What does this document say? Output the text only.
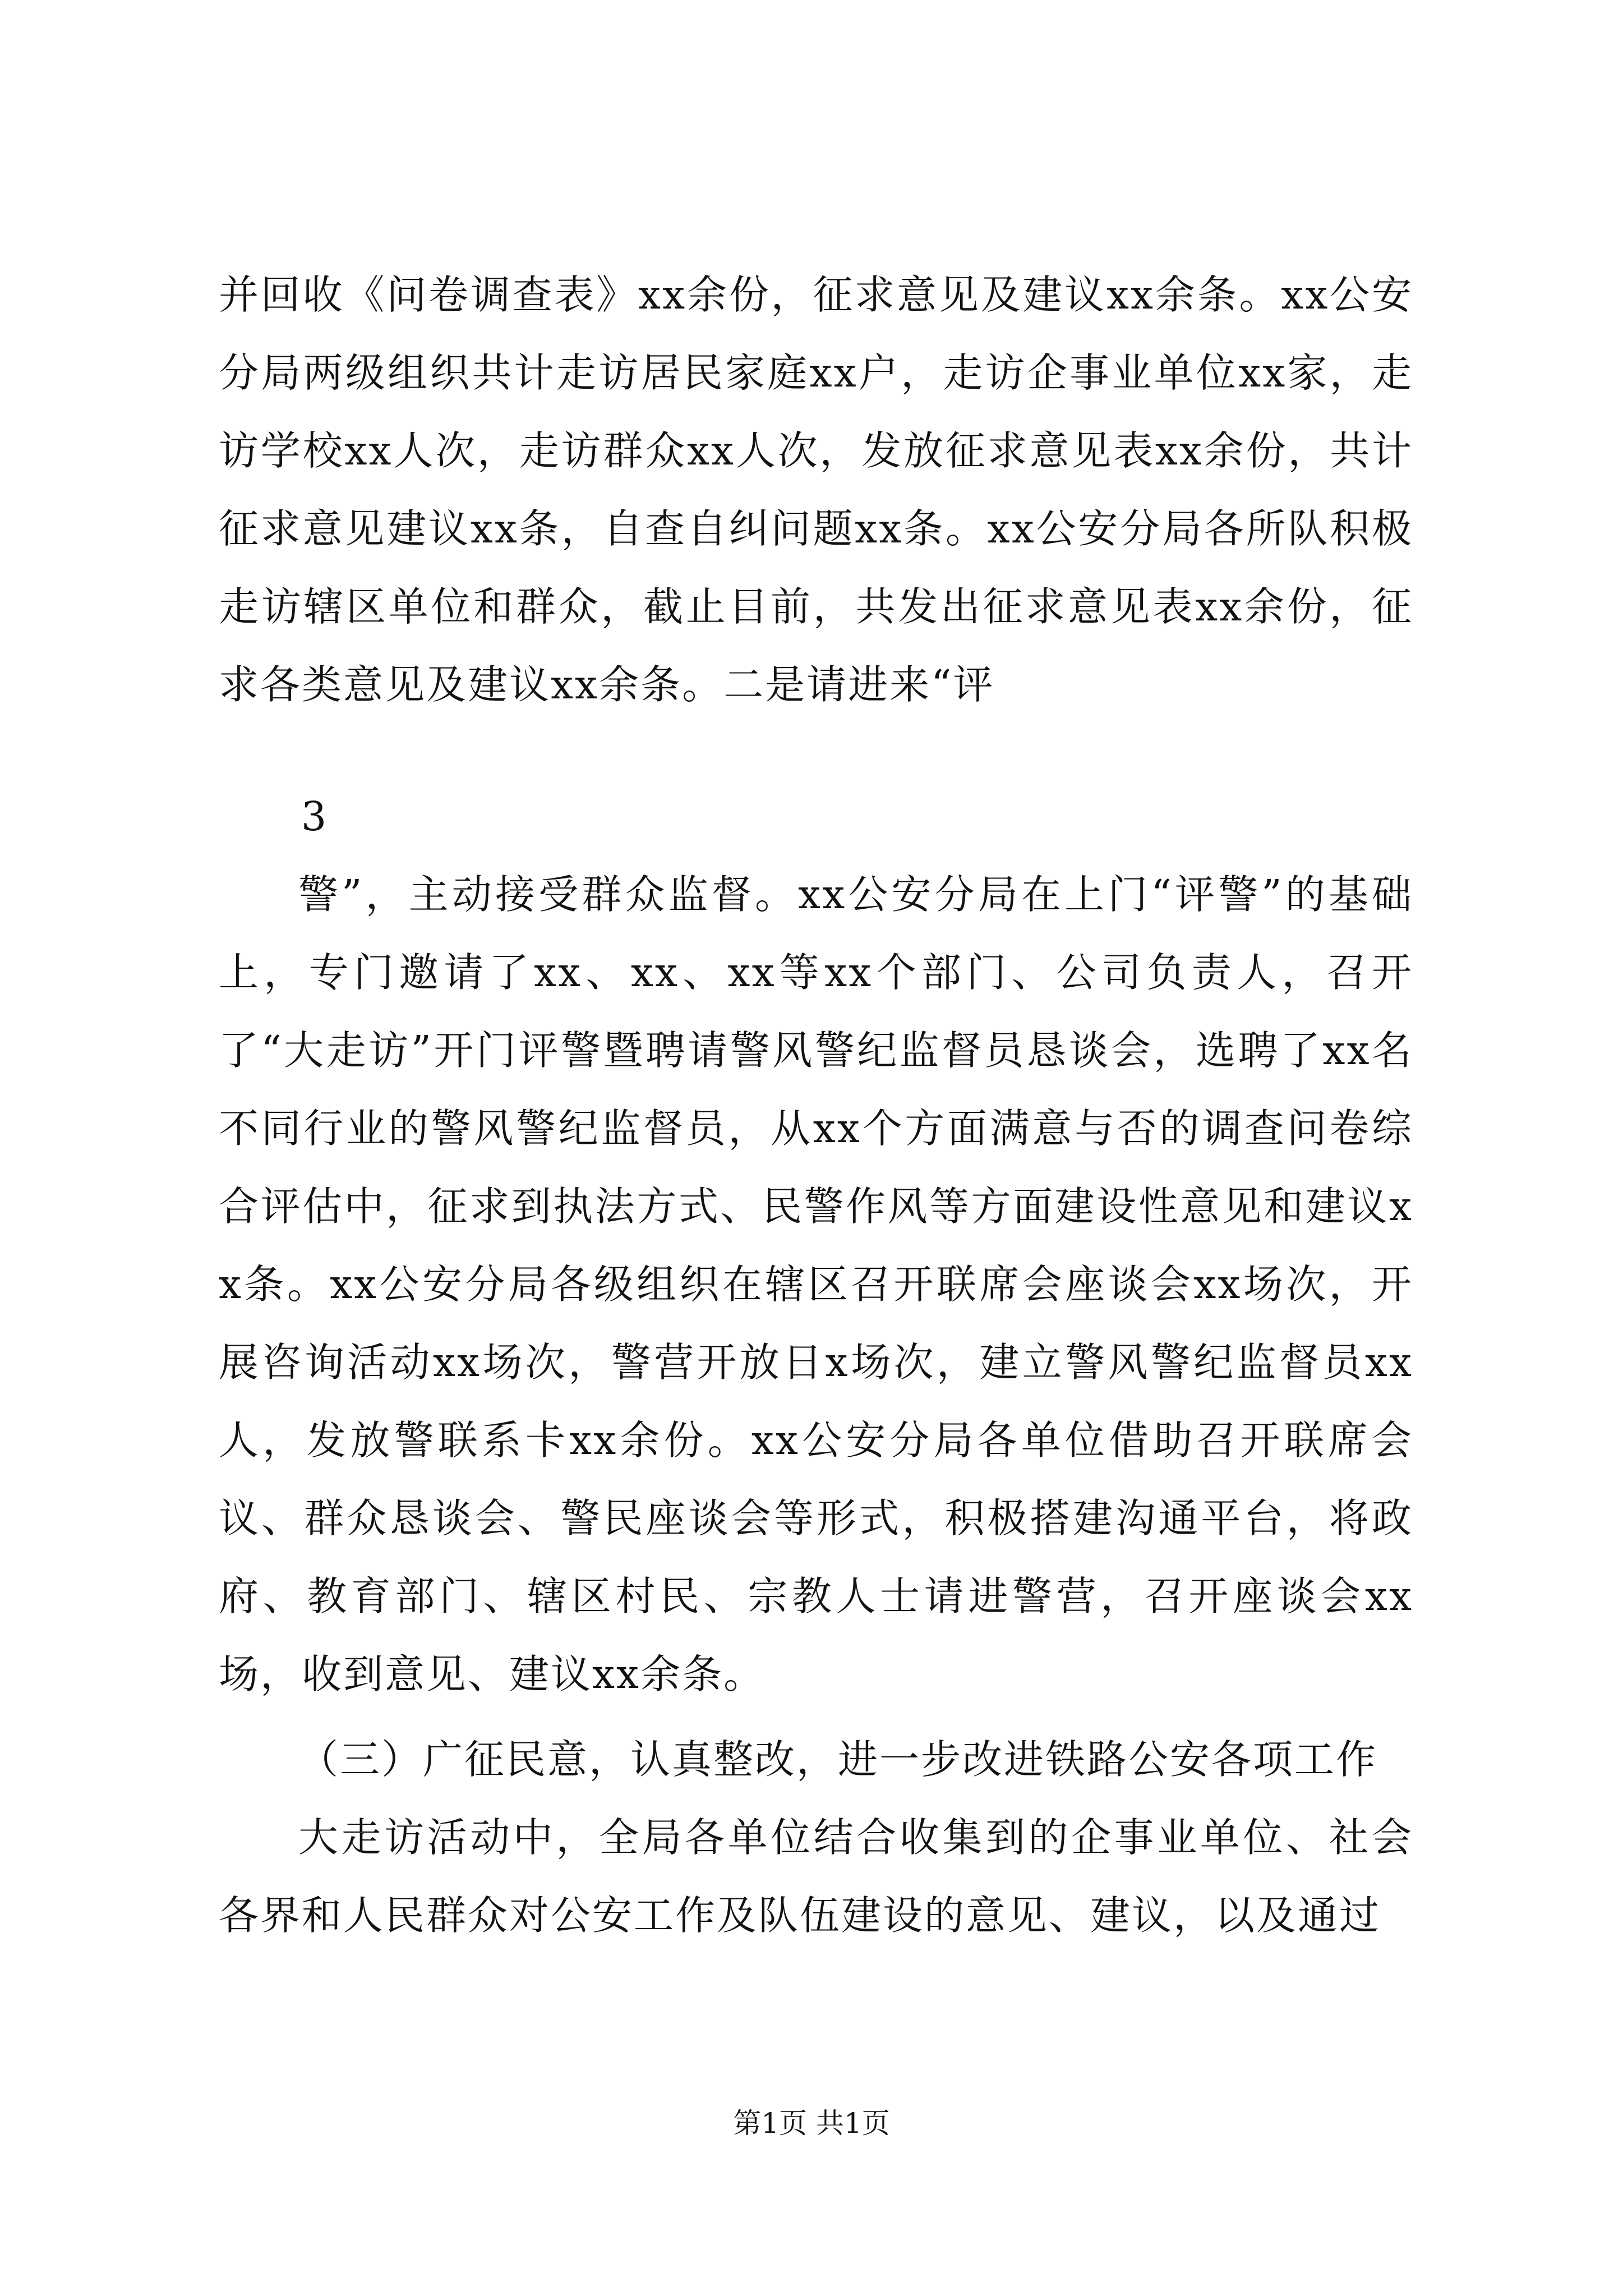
并回收《问卷调查表》xx余份，征求意见及建议xx余条。xx公安分局两级组织共计走访居民家庭xx户，走访企事业单位xx家，走访学校xx人次，走访群众xx人次，发放征求意见表xx余份，共计征求意见建议xx条，自查自纠问题xx条。xx公安分局各所队积极走访辖区单位和群众，截止目前，共发出征求意见表xx余份，征求各类意见及建议xx余条。二是请进来“评

3

警”，主动接受群众监督。xx公安分局在上门“评警”的基础上，专门邀请了xx、xx、xx等xx个部门、公司负责人，召开了“大走访”开门评警暨聘请警风警纪监督员恳谈会，选聘了xx名不同行业的警风警纪监督员，从xx个方面满意与否的调查问卷综合评估中，征求到执法方式、民警作风等方面建设性意见和建议xx条。xx公安分局各级组织在辖区召开联席会座谈会xx场次，开展咨询活动xx场次，警营开放日x场次，建立警风警纪监督员xx人，发放警联系卡xx余份。xx公安分局各单位借助召开联席会议、群众恳谈会、警民座谈会等形式，积极搭建沟通平台，将政府、教育部门、辖区村民、宗教人士请进警营，召开座谈会xx场，收到意见、建议xx余条。

（三）广征民意，认真整改，进一步改进铁路公安各项工作

大走访活动中，全局各单位结合收集到的企事业单位、社会各界和人民群众对公安工作及队伍建设的意见、建议，以及通过

第1页 共1页
